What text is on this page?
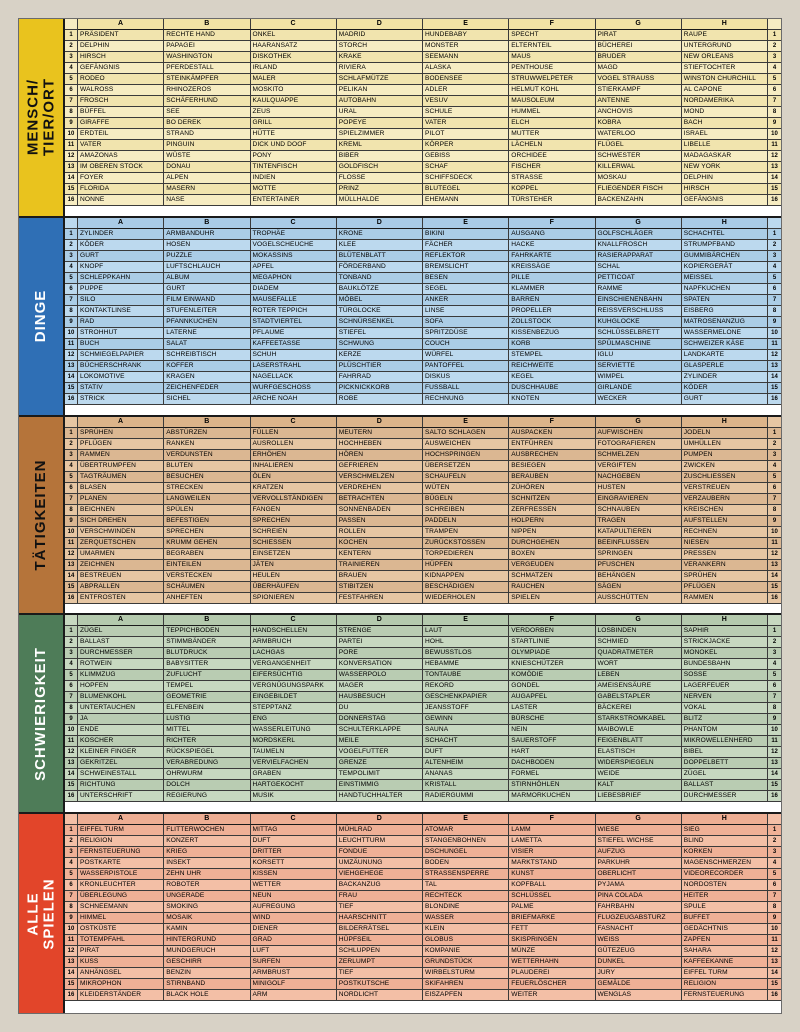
MENSCH/
TIER/ORT
A	B	C	D	E	F	G	H
1	PRÄSIDENT	RECHTE HAND	ONKEL	MADRID	HUNDEBABY	SPECHT	PIRAT	RAUPE	1
2	DELPHIN	PAPAGEI	HAARANSATZ	STORCH	MONSTER	ELTERNTEIL	BÜCHEREI	UNTERGRUND	2
3	HIRSCH	WASHINGTON	DISKOTHEK	KRAKE	SEEMANN	MAUS	BRUDER	NEW ORLEANS	3
4	GEFÄNGNIS	PFERDESTALL	IRLAND	RIVIERA	ALASKA	PENTHOUSE	MAGD	STIEFTOCHTER	4
5	RODEO	STEINKÄMPFER	MALER	SCHLAFMÜTZE	BODENSEE	STRUWWELPETER	VOGEL STRAUSS	WINSTON CHURCHILL	5
6	WALROSS	RHINOZEROS	MOSKITO	PELIKAN	ADLER	HELMUT KOHL	STIERKAMPF	AL CAPONE	6
7	FROSCH	SCHÄFERHUND	KAULQUAPPE	AUTOBAHN	VESUV	MAUSOLEUM	ANTENNE	NORDAMERIKA	7
8	BÜFFEL	SEE	ZEUS	URAL	SCHULE	HUMMEL	ANCHOVIS	MOND	8
9	GIRAFFE	BO DEREK	GRILL	POPEYE	VATER	ELCH	KOBRA	BACH	9
10 ERDTEIL	STRAND	HÜTTE	SPIELZIMMER	PILOT	MUTTER	WATERLOO	ISRAEL	10
11 VATER	PINGUIN	DICK UND DOOF	KREML	KÖRPER	LÄCHELN	FLÜGEL	LIBELLE	11
12 AMAZONAS	WÜSTE	PONY	BIBER	GEBISS	ORCHIDEE	SCHWESTER	MADAGASKAR	12
13 IM OBEREN STOCK	DONAU	TINTENFISCH	GOLDFISCH	SCHAF	FISCHER	KILLERWAL	NEW YORK	13
14 FOYER	ALPEN	INDIEN	FLOSSE	SCHIFFSDECK	STRASSE	MOSKAU	DELPHIN	14
15 FLORIDA	MASERN	MOTTE	PRINZ	BLUTEGEL	KOPPEL	FLIEGENDER FISCH	HIRSCH	15
16 NONNE	NASE	ENTERTAINER	MÜLLHALDE	EHEMANN	TÜRSTEHER	BACKENZAHN	GEFÄNGNIS	16
DINGE
A	B	C	D	E	F	G	H
1	ZYLINDER	ARMBANDUHR	TROPHÄE	KRONE	BIKINI	AUSGANG	GOLFSCHLÄGER	SCHACHTEL	1
2	KÖDER	HOSEN	VOGELSCHEUCHE	KLEE	FÄCHER	HACKE	KNALLFROSCH	STRUMPFBAND	2
3	GURT	PUZZLE	MOKASSINS	BLÜTENBLATT	REFLEKTOR	FAHRKARTE	RASIERAPPARAT	GUMMIBÄRCHEN	3
4	KNOPF	LUFTSCHLAUCH	APFEL	FÖRDERBAND	BREMSLICHT	KREISSÄGE	SCHAL	KOPIERGERÄT	4
5	SCHLEPPKAHN	ALBUM	MEGAPHON	TONBAND	BESEN	PILLE	PETTICOAT	MEISSEL	5
6	PUPPE	GURT	DIADEM	BAUKLÖTZE	SEGEL	KLAMMER	RAMME	NAPFKUCHEN	6
7	SILO	FILM EINWAND	MAUSEFALLE	MÖBEL	ANKER	BARREN	EINSCHIENENBAHN	SPATEN	7
8	KONTAKTLINSE	STUFENLEITER	ROTER TEPPICH	TÜRGLOCKE	LINSE	PROPELLER	REISSVERSCHLUSS	EISBERG	8
9	RAD	PFANNKUCHEN	STADTVIERTEL	SCHNÜRSENKEL	SOFA	ZOLLSTOCK	KUHGLOCKE	MATROSENANZUG	9
10 STROHHUT	LATERNE	PFLAUME	STIEFEL	SPRITZDÜSE	KISSENBEZUG	SCHLÜSSELBRETT	WASSERMELONE	10
11 BUCH	SALAT	KAFFEETASSE	SCHWUNG	COUCH	KORB	SPÜLMASCHINE	SCHWEIZER KÄSE	11
12 SCHMIEGELPAPIER	SCHREIBTISCH	SCHUH	KERZE	WÜRFEL	STEMPEL	IGLU	LANDKARTE	12
13 BÜCHERSCHRANK	KOFFER	LASERSTRAHL	PLÜSCHTIER	PANTOFFEL	REICHWEITE	SERVIETTE	GLASPERLE	13
14 LOKOMOTIVE	KRAGEN	NAGELLACK	FAHRRAD	DISKUS	KEGEL	WIMPEL	ZYLINDER	14
15 STATIV	ZEICHENFEDER	WURFGESCHOSS	PICKNICKKORB	FUSSBALL	DUSCHHAUBE	GIRLANDE	KÖDER	15
16 STRICK	SICHEL	ARCHE NOAH	ROBE	RECHNUNG	KNOTEN	WECKER	GURT	16
TÄTIGKEITEN
A	B	C	D	E	F	G	H
1	SPRÜHEN	ABSTÜRZEN	FÜLLEN	MEUTERN	SALTO SCHLAGEN	AUSPACKEN	AUFWISCHEN	JODELN	1
2	PFLÜGEN	RANKEN	AUSROLLEN	HOCHHEBEN	AUSWEICHEN	ENTFÜHREN	FOTOGRAFIEREN	UMHÜLLEN	2
3	RAMMEN	VERDUNSTEN	ERHÖHEN	HÖREN	HOCHSPRINGEN	AUSBRECHEN	SCHMELZEN	PUMPEN	3
4	ÜBERTRUMPFEN	BLUTEN	INHALIEREN	GEFRIEREN	ÜBERSETZEN	BESIEGEN	VERGIFTEN	ZWICKEN	4
5	TAGTRÄUMEN	BESUCHEN	ÖLEN	VERSCHMELZEN	SCHAUFELN	BERAUBEN	NACHGEBEN	ZUSCHLIESSEN	5
6	BLASEN	STRECKEN	KRATZEN	VERDREHEN	WÜTEN	ZÜHÖREN	HUSTEN	VERSTREUEN	6
7	PLANEN	LANGWEILEN	VERVOLLSTÄNDIGEN	BETRACHTEN	BÜGELN	SCHNITZEN	EINGRAVIEREN	VERZAUBERN	7
8	BEICHNEN	SPÜLEN	FANGEN	SONNENBADEN	SCHREIBEN	ZERFRESSEN	SCHNAUBEN	KREISCHEN	8
9	SICH DREHEN	BEFESTIGEN	SPRECHEN	PASSEN	PADDELN	HOLPERN	TRAGEN	AUFSTELLEN	9
10 VERSCHWINDEN	SPRECHEN	SCHREIEN	ROLLEN	TRAMPEN	NIPPEN	KATAPULTIEREN	RECHNEN	10
11 ZERQUETSCHEN	KRUMM GEHEN	SCHIESSEN	KOCHEN	ZURÜCKSTOSSEN	DURCHGEHEN	BEEINFLUSSEN	NIESEN	11
12 UMARMEN	BEGRABEN	EINSETZEN	KENTERN	TORPEDIEREN	BOXEN	SPRINGEN	PRESSEN	12
13 ZEICHNEN	EINTEILEN	JÄTEN	TRAINIEREN	HÜPFEN	VERGEUDEN	PFUSCHEN	VERANKERN	13
14 BESTREUEN	VERSTECKEN	HEULEN	BRAUEN	KIDNAPPEN	SCHMATZEN	BEHÄNGEN	SPRÜHEN	14
15 ABPRALLEN	SCHÄUMEN	ÜBERHÄUFEN	STIBITZEN	BESCHÄDIGEN	RAUCHEN	SÄGEN	PFLÜGEN	15
16 ENTFROSTEN	ANHEFTEN	SPIONIEREN	FESTFAHREN	WIEDERHOLEN	SPIELEN	AUSSCHÜTTEN	RAMMEN	16
SCHWIERIGKEIT
A	B	C	D	E	F	G	H
1	ZÜGEL	TEPPICHBODEN	HANDSCHELLEN	STRENGE	LAUT	VERDORBEN	LOSBINDEN	SAPHIR	1
2	BALLAST	STIMMBÄNDER	ARMBRUCH	PARTEI	HOHL	STARTLINIE	SCHMIED	STRICKJACKE	2
3	DURCHMESSER	BLUTDRUCK	LACHGAS	PORE	BEWUSSTLOS	OLYMPIADE	QUADRATMETER	MONOKEL	3
4	ROTWEIN	BABYSITTER	VERGANGENHEIT	KONVERSATION	HEBAMME	KNIESCHÜTZER	WORT	BUNDESBAHN	4
5	KLIMMZUG	ZUFLUCHT	EIFERSÜCHTIG	WASSERPOLO	TONTAUBE	KOMÖDIE	LEBEN	SOSSE	5
6	HOPFEN	TEMPEL	VERGNÜGUNGSPARK	MAGER	REKORD	GONDEL	AMEISENSÄURE	LAGERFEUER	6
7	BLUMENKOHL	GEOMETRIE	EINGEBILDET	HAUSBESUCH	GESCHENKPAPIER	AUGAPFEL	GABELSTAPLER	NERVEN	7
8	UNTERTAUCHEN	ELFENBEIN	STEPPTANZ	DU	JEANSSTOFF	LASTER	BÄCKEREI	VOKAL	8
9	JA	LUSTIG	ENG	DONNERSTAG	GEWINN	BÜRSCHE	STARKSTROMKABEL	BLITZ	9
10 ENDE	MITTEL	WASSERLEITUNG	SCHULTERKLAPPE	SAUNA	NEIN	MAIBOWLE	PHANTOM	10
11 KOSCHER	RICHTER	MORDSKERL	MEILE	SCHACHT	SAUERSTOFF	FEIGENBLATT	MIKROWELLENHERD	11
12 KLEINER FINGER	RÜCKSPIEGEL	TAUMELN	VOGELFUTTER	DUFT	HART	ELASTISCH	BIBEL	12
13 GEKRITZEL	VERABREDUNG	VERVIELFACHEN	GRENZE	ALTENHEIM	DACHBODEN	WIDERSPIEGELN	DOPPELBETT	13
14 SCHWEINESTALL	OHRWURM	GRABEN	TEMPOLIMIT	ANANAS	FORMEL	WEIDE	ZÜGEL	14
15 RICHTUNG	DOLCH	HARTGEKOCHT	EINSTIMMIG	KRISTALL	STIRNHÖHLEN	KALT	BALLAST	15
16 UNTERSCHRIFT	REGIERUNG	MUSIK	HANDTUCHHALTER	RADIERGUMMI	MARMORKUCHEN	LIEBESBRIEF	DURCHMESSER	16
ALLE
SPIELEN
A	B	C	D	E	F	G	H
1	EIFFEL TURM	FLITTERWOCHEN	MITTAG	MÜHLRAD	ATOMAR	LAMM	WIESE	SIEG	1
2	RELIGION	KONZERT	DUFT	LEUCHTTURM	STANGENBOHNEN	LAMETTA	STIEFEL WICHSE	BLIND	2
3	FERNSTEUERUNG	KRIEG	DRITTER	FONDUE	DSCHUNGEL	VISIER	AUFZUG	KORKEN	3
4	POSTKARTE	INSEKT	KORSETT	UMZÄUNUNG	BODEN	MARKTSTAND	PARKUHR	MAGENSCHMERZEN	4
5	WASSERPISTOLE	ZEHN UHR	KISSEN	VIEHGEHEGE	STRASSENSPERRE	KUNST	OBERLICHT	VIDEORECORDER	5
6	KRONLEUCHTER	ROBOTER	WETTER	BACKANZUG	TAL	KOPFBALL	PYJAMA	NORDOSTEN	6
7	ÜBERLEGUNG	UNGERADE	NEUN	FRAU	RECHTECK	SCHLÜSSEL	PINA COLADA	HEITER	7
8	SCHNEEMANN	SMOKING	AUFREGUNG	TIEF	BLONDINE	PALME	FAHRBAHN	SPULE	8
9	HIMMEL	MOSAIK	WIND	HAARSCHNITT	WASSER	BRIEFMARKE	FLUGZEUGABSTURZ	BUFFET	9
10 OSTKÜSTE	KAMIN	DIENER	BILDERRÄTSEL	KLEIN	FETT	FASNACHT	GEDÄCHTNIS	10
11 TOTEMPFAHL	HINTERGRUND	GRAD	HÜPFSEIL	GLOBUS	SKISPRINGEN	WEISS	ZAPFEN	11
12 PIRAT	MUNDGERUCH	LUFT	SCHLUPPEN	KOMPANIE	MÜNZE	GÜTEZEUG	SAHARA	12
13 KUSS	GESCHIRR	SURFEN	ZERLUMPT	GRUNDSTÜCK	WETTERHAHN	DUNKEL	KAFFEEKANNE	13
14 ANHÄNGSEL	BENZIN	ARMBRUST	TIEF	WIRBELSTURM	PLAUDEREI	JURY	EIFFEL TURM	14
15 MIKROPHON	STIRNBAND	MINIGOLF	POSTKUTSCHE	SKIFAHREN	FEUERLÖSCHER	GEMÄLDE	RELIGION	15
16 KLEIDERSTÄNDER	BLACK HOLE	ARM	NORDLICHT	EISZAPFEN	WEITER	WENGLAS	FERNSTEUERUNG	16
